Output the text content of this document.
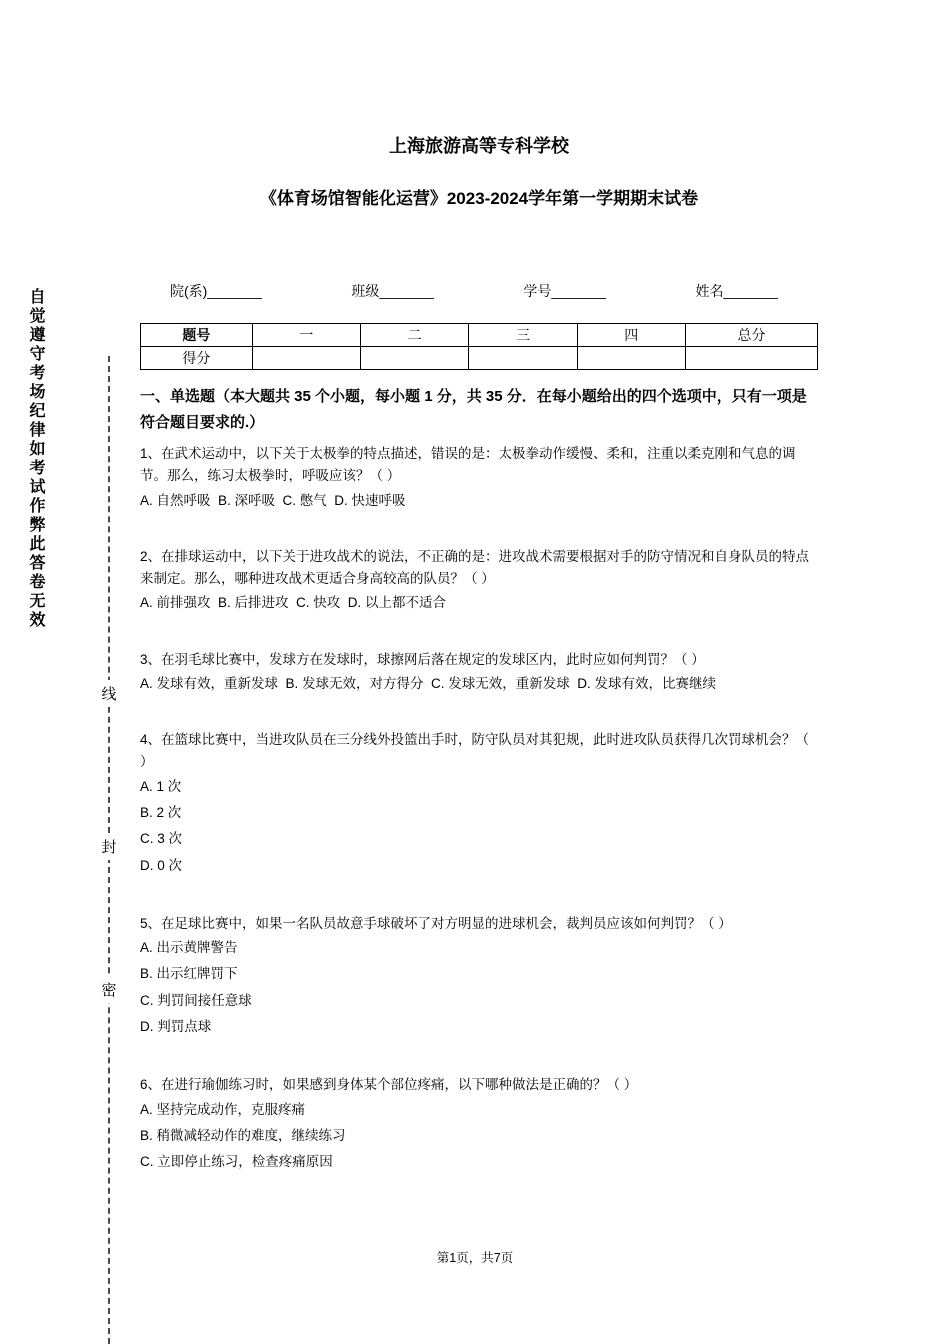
自觉遵守考场纪律如考试作弊此答卷无效
线
封
密
上海旅游高等专科学校
《体育场馆智能化运营》2023-2024学年第一学期期末试卷
院(系)_______	班级_______	学号_______	姓名_______
题号	一	二	三	四	总分
得分					
一、单选题（本大题共 35 个小题，每小题 1 分，共 35 分．在每小题给出的四个选项中，只有一项是符合题目要求的.）
1、在武术运动中，以下关于太极拳的特点描述，错误的是：太极拳动作缓慢、柔和，注重以柔克刚和气息的调节。那么，练习太极拳时，呼吸应该？（ ）
A. 自然呼吸  B. 深呼吸  C. 憋气  D. 快速呼吸
2、在排球运动中，以下关于进攻战术的说法，不正确的是：进攻战术需要根据对手的防守情况和自身队员的特点来制定。那么，哪种进攻战术更适合身高较高的队员？（ ）
A. 前排强攻  B. 后排进攻  C. 快攻  D. 以上都不适合
3、在羽毛球比赛中，发球方在发球时，球擦网后落在规定的发球区内，此时应如何判罚？（ ）
A. 发球有效，重新发球  B. 发球无效，对方得分  C. 发球无效，重新发球  D. 发球有效，比赛继续
4、在篮球比赛中，当进攻队员在三分线外投篮出手时，防守队员对其犯规，此时进攻队员获得几次罚球机会？（ ）
A. 1 次
B. 2 次
C. 3 次
D. 0 次
5、在足球比赛中，如果一名队员故意手球破坏了对方明显的进球机会，裁判员应该如何判罚？（ ）
A. 出示黄牌警告
B. 出示红牌罚下
C. 判罚间接任意球
D. 判罚点球
6、在进行瑜伽练习时，如果感到身体某个部位疼痛，以下哪种做法是正确的？（ ）
A. 坚持完成动作，克服疼痛
B. 稍微减轻动作的难度，继续练习
C. 立即停止练习，检查疼痛原因
第1页，共7页
